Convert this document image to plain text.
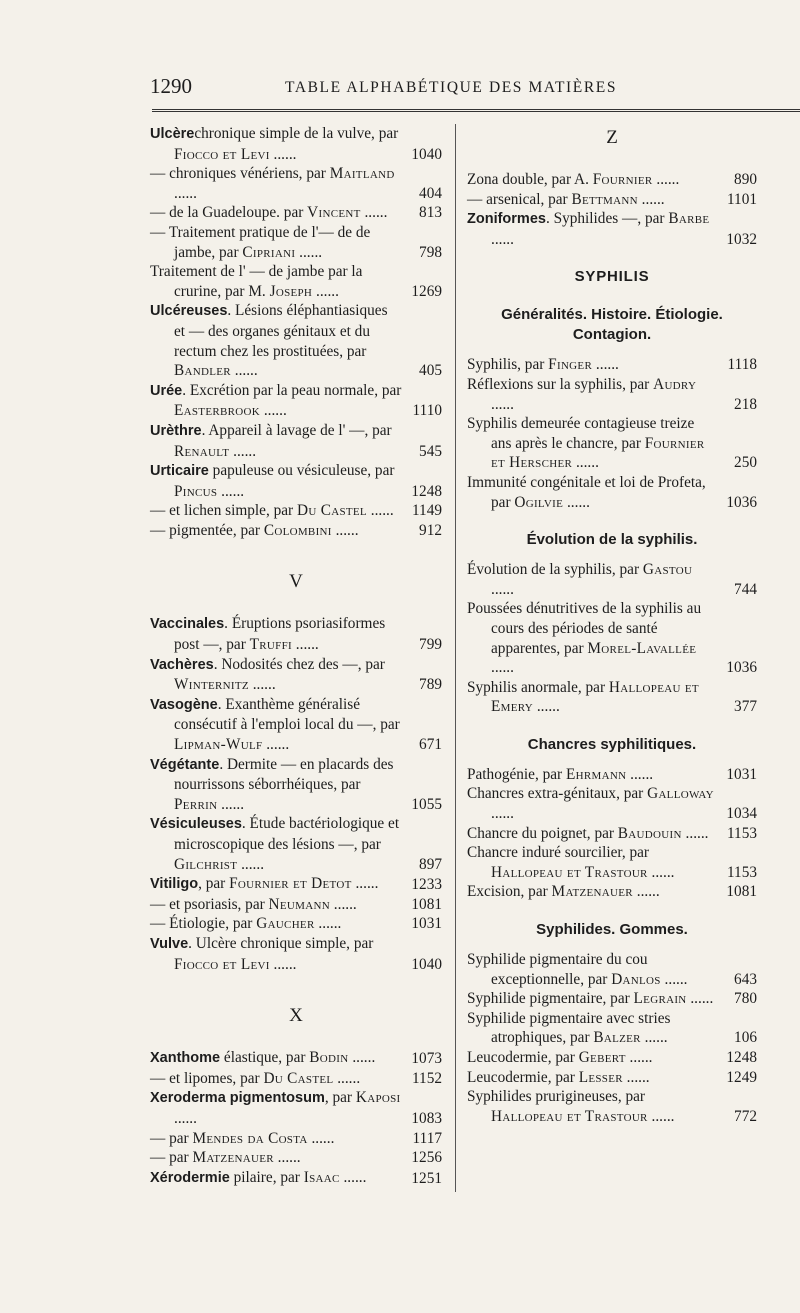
1290	TABLE ALPHABÉTIQUE DES MATIÈRES
Ulcèrechronique simple de la vulve, par Fiocco et Levi ......	1040
— chroniques vénériens, par Maitland ......	404
— de la Guadeloupe. par Vincent ...... 813
— Traitement pratique de l'— de de jambe, par Cipriani ......	798
Traitement de l' — de jambe par la crurine, par M. Joseph ......	1269
Ulcéreuses. Lésions éléphantiasiques et — des organes génitaux et du rectum chez les prostituées, par Bandler ......	405
Urée. Excrétion par la peau normale, par Easterbrook ......	1110
Urèthre. Appareil à lavage de l' —, par Renault ......	545
Urticaire papuleuse ou vésiculeuse, par Pincus ......	1248
— et lichen simple, par Du Castel ...... 1149
— pigmentée, par Colombini ......	912
V
Vaccinales. Éruptions psoriasiformes post —, par Truffi ......	799
Vachères. Nodosités chez des —, par Winternitz ......	789
Vasogène. Exanthème généralisé consécutif à l'emploi local du —, par Lipman-Wulf ......	671
Végétante. Dermite — en placards des nourrissons séborrhéiques, par Perrin ......	1055
Vésiculeuses. Étude bactériologique et microscopique des lésions —, par Gilchrist ......	897
Vitiligo, par Fournier et Detot ...... 1233
— et psoriasis, par Neumann ......	1081
— Étiologie, par Gaucher ......	1031
Vulve. Ulcère chronique simple, par Fiocco et Levi ......	1040
X
Xanthome élastique, par Bodin ...... 1073
— et lipomes, par Du Castel ......	1152
Xeroderma pigmentosum, par Kaposi ......	1083
— par Mendes da Costa ......	1117
— par Matzenauer ......	1256
Xérodermie pilaire, par Isaac ......	1251
Z
Zona double, par A. Fournier ......	890
— arsenical, par Bettmann ......	1101
Zoniformes. Syphilides —, par Barbe ......	1032
SYPHILIS
Généralités. Histoire. Étiologie. Contagion.
Syphilis, par Finger ......	1118
Réflexions sur la syphilis, par Audry ......	218
Syphilis demeurée contagieuse treize ans après le chancre, par Fournier et Herscher ......	250
Immunité congénitale et loi de Profeta, par Ogilvie ......	1036
Évolution de la syphilis.
Évolution de la syphilis, par Gastou ......	744
Poussées dénutritives de la syphilis au cours des périodes de santé apparentes, par Morel-Lavallée ......	1036
Syphilis anormale, par Hallopeau et Emery ......	377
Chancres syphilitiques.
Pathogénie, par Ehrmann ......	1031
Chancres extra-génitaux, par Galloway ......	1034
Chancre du poignet, par Baudouin ...... 1153
Chancre induré sourcilier, par Hallopeau et Trastour ......	1153
Excision, par Matzenauer ......	1081
Syphilides. Gommes.
Syphilide pigmentaire du cou exceptionnelle, par Danlos ......	643
Syphilide pigmentaire, par Legrain ...... 780
Syphilide pigmentaire avec stries atrophiques, par Balzer ......	106
Leucodermie, par Gebert ......	1248
Leucodermie, par Lesser ......	1249
Syphilides prurigineuses, par Hallopeau et Trastour ......	772
